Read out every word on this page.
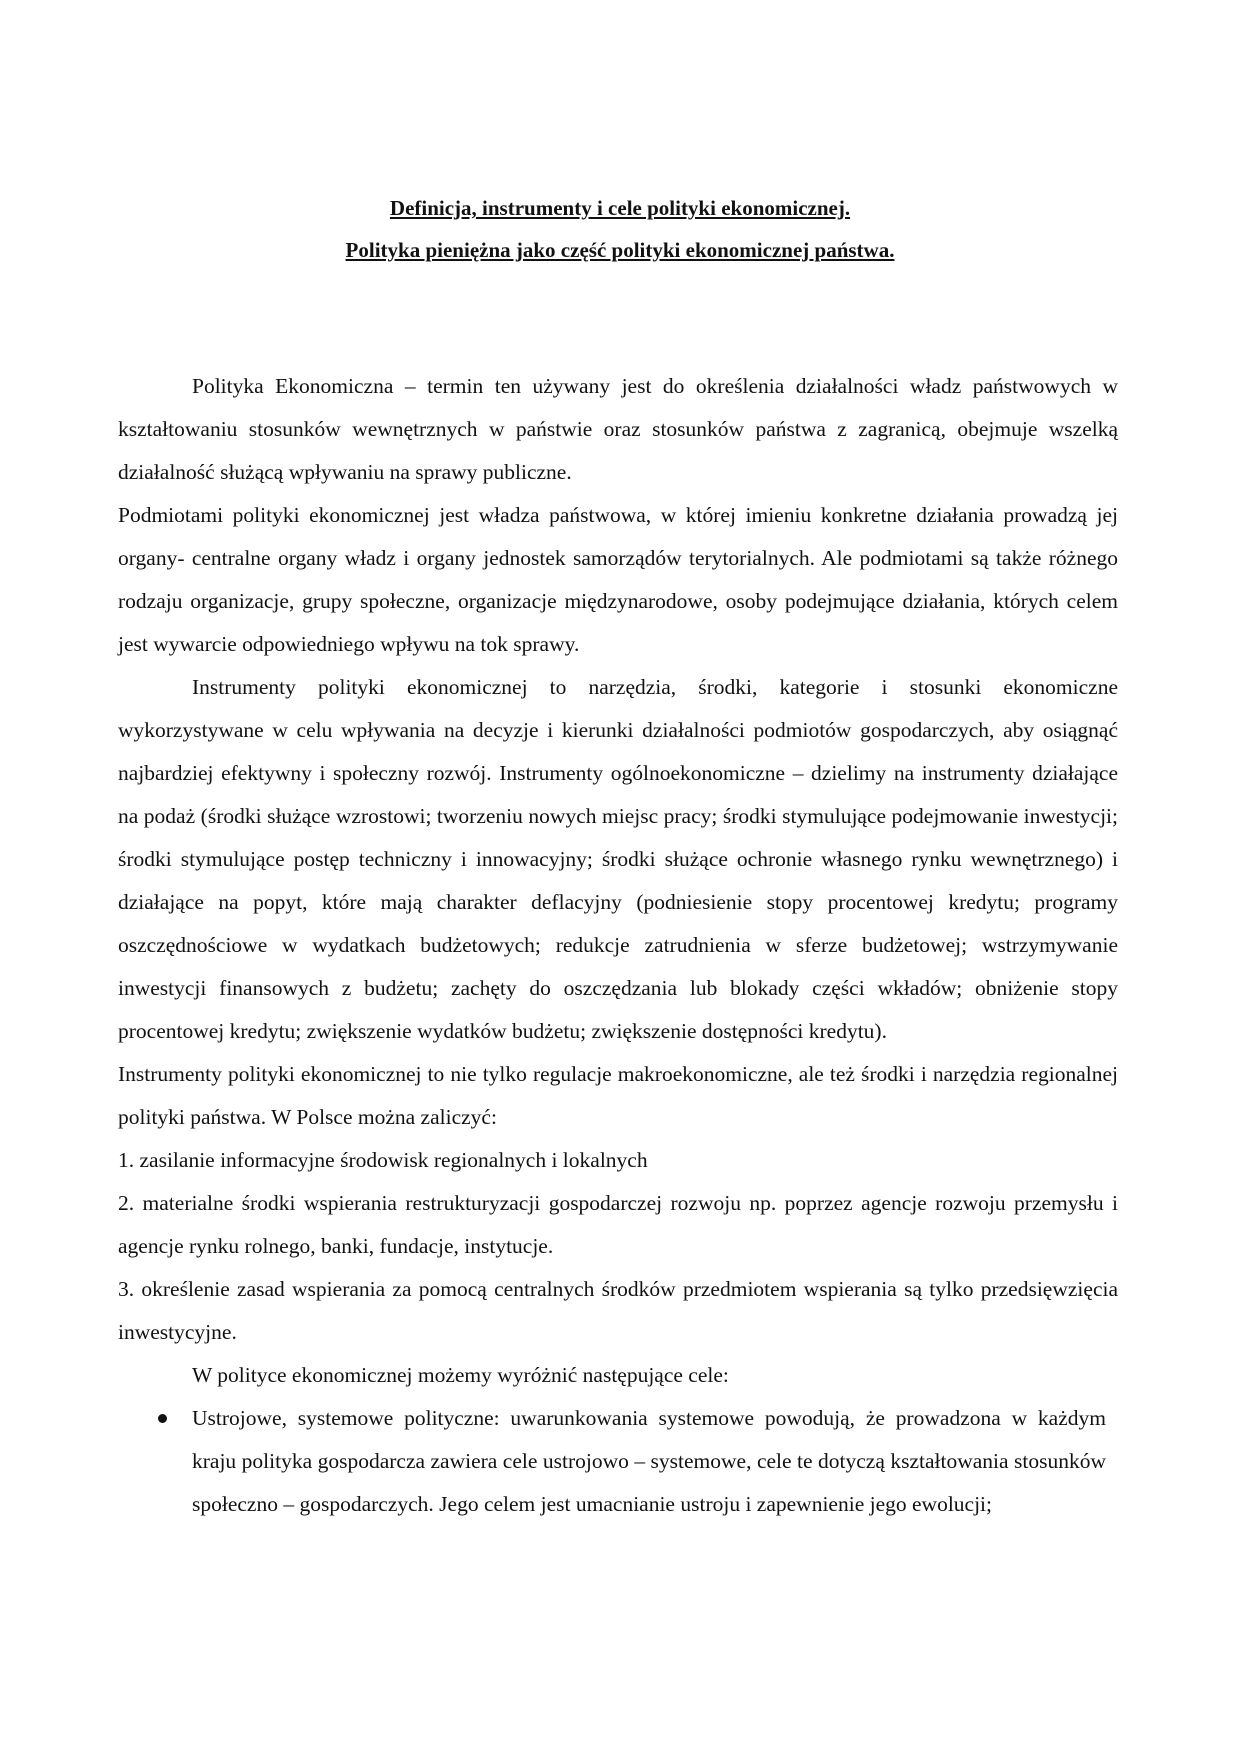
Definicja, instrumenty i cele polityki ekonomicznej.
Polityka pieniężna jako część polityki ekonomicznej państwa.

Polityka Ekonomiczna – termin ten używany jest do określenia działalności władz państwowych w kształtowaniu stosunków wewnętrznych w państwie oraz stosunków państwa z zagranicą, obejmuje wszelką działalność służącą wpływaniu na sprawy publiczne.

Podmiotami polityki ekonomicznej jest władza państwowa, w której imieniu konkretne działania prowadzą jej organy- centralne organy władz i organy jednostek samorządów terytorialnych. Ale podmiotami są także różnego rodzaju organizacje, grupy społeczne, organizacje międzynarodowe, osoby podejmujące działania, których celem jest wywarcie odpowiedniego wpływu na tok sprawy.

Instrumenty polityki ekonomicznej to narzędzia, środki, kategorie i stosunki ekonomiczne wykorzystywane w celu wpływania na decyzje i kierunki działalności podmiotów gospodarczych, aby osiągnąć najbardziej efektywny i społeczny rozwój. Instrumenty ogólnoekonomiczne – dzielimy na instrumenty działające na podaż (środki służące wzrostowi; tworzeniu nowych miejsc pracy; środki stymulujące podejmowanie inwestycji; środki stymulujące postęp techniczny i innowacyjny; środki służące ochronie własnego rynku wewnętrznego) i działające na popyt, które mają charakter deflacyjny (podniesienie stopy procentowej kredytu; programy oszczędnościowe w wydatkach budżetowych; redukcje zatrudnienia w sferze budżetowej; wstrzymywanie inwestycji finansowych z budżetu; zachęty do oszczędzania lub blokady części wkładów; obniżenie stopy procentowej kredytu; zwiększenie wydatków budżetu; zwiększenie dostępności kredytu).

Instrumenty polityki ekonomicznej to nie tylko regulacje makroekonomiczne, ale też środki i narzędzia regionalnej polityki państwa. W Polsce można zaliczyć:

1. zasilanie informacyjne środowisk regionalnych i lokalnych

2. materialne środki wspierania restrukturyzacji gospodarczej rozwoju np. poprzez agencje rozwoju przemysłu i agencje rynku rolnego, banki, fundacje, instytucje.

3. określenie zasad wspierania za pomocą centralnych środków przedmiotem wspierania są tylko przedsięwzięcia inwestycyjne.

W polityce ekonomicznej możemy wyróżnić następujące cele:

Ustrojowe, systemowe polityczne: uwarunkowania systemowe powodują, że prowadzona w każdym kraju polityka gospodarcza zawiera cele ustrojowo – systemowe, cele te dotyczą kształtowania stosunków społeczno – gospodarczych. Jego celem jest umacnianie ustroju i zapewnienie jego ewolucji;
